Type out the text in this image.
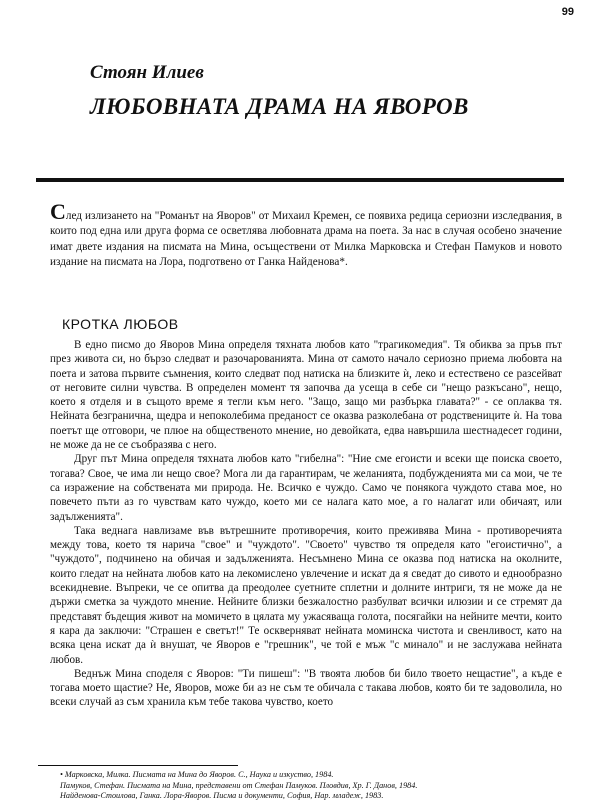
99
Стоян Илиев
ЛЮБОВНАТА ДРАМА НА ЯВОРОВ

След излизането на "Романът на Яворов" от Михаил Кремен, се появиха редица сериозни изследвания, в които под една или друга форма се осветлява любовната драма на поета. За нас в случая особено значение имат двете издания на писмата на Мина, осъществени от Милка Марковска и Стефан Памуков и новото издание на писмата на Лора, подготвено от Ганка Найденова*.

КРОТКА ЛЮБОВ

В едно писмо до Яворов Мина определя тяхната любов като "трагикомедия". Тя обиква за пръв път през живота си, но бързо следват и разочарованията. Мина от самото начало сериозно приема любовта на поета и затова първите съмнения, които следват под натиска на близките ѝ, леко и естествено се разсейват от неговите силни чувства. В определен момент тя започва да усеща в себе си "нещо разкъсано", нещо, което я отделя и в същото време я тегли към него. "Защо, защо ми разбърка главата?" - се оплаква тя. Нейната безгранична, щедра и непоколебима преданост се оказва разколебана от родствениците ѝ. На това поетът ще отговори, че плюе на общественото мнение, но девойката, едва навършила шестнадесет години, не може да не се съобразява с него.

Друг път Мина определя тяхната любов като "гибелна": "Ние сме егоисти и всеки ще поиска своето, тогава? Свое, че има ли нещо свое? Мога ли да гарантирам, че желанията, подбужденията ми са мои, че те са изражение на собствената ми природа. Не. Всичко е чуждо. Само че понякога чуждото става мое, но повечето пъти аз го чувствам като чуждо, което ми се налага като мое, а го налагат или обичаят, или задълженията".

Така веднага навлизаме във вътрешните противоречия, които преживява Мина - противоречията между това, което тя нарича "свое" и "чуждото". "Своето" чувство тя определя като "егоистично", а "чуждото", подчинено на обичая и задълженията. Несъмнено Мина се оказва под натиска на околните, които гледат на нейната любов като на лекомислено увлечение и искат да я сведат до сивото и еднообразно всекидневие. Въпреки, че се опитва да преодолее суетните сплетни и долните интриги, тя не може да не държи сметка за чуждото мнение. Нейните близки безжалостно разбулват всички илюзии и се стремят да представят бъдещия живот на момичето в цялата му ужасяваща голота, посягайки на нейните мечти, които я кара да заключи: "Страшен е светът!" Те оскверняват нейната моминска чистота и свенливост, като на всяка цена искат да ѝ внушат, че Яворов е "грешник", че той е мъж "с минало" и не заслужава нейната любов.

Веднъж Мина споделя с Яворов: "Ти пишеш": "В твоята любов би било твоето нещастие", а къде е тогава моето щастие? Не, Яворов, може би аз не съм те обичала с такава любов, която би те задоволила, но всеки случай аз съм хранила към тебе такова чувство, което

• Марковска, Милка. Писмата на Мина до Яворов. С., Наука и изкуство, 1984.
Памуков, Стефан. Писмата на Мина, представени от Стефан Памуков. Пловдив, Хр. Г. Данов, 1984.
Найденова-Стоилова, Ганка. Лора-Яворов. Писма и документи, София, Нар. младеж, 1983.
